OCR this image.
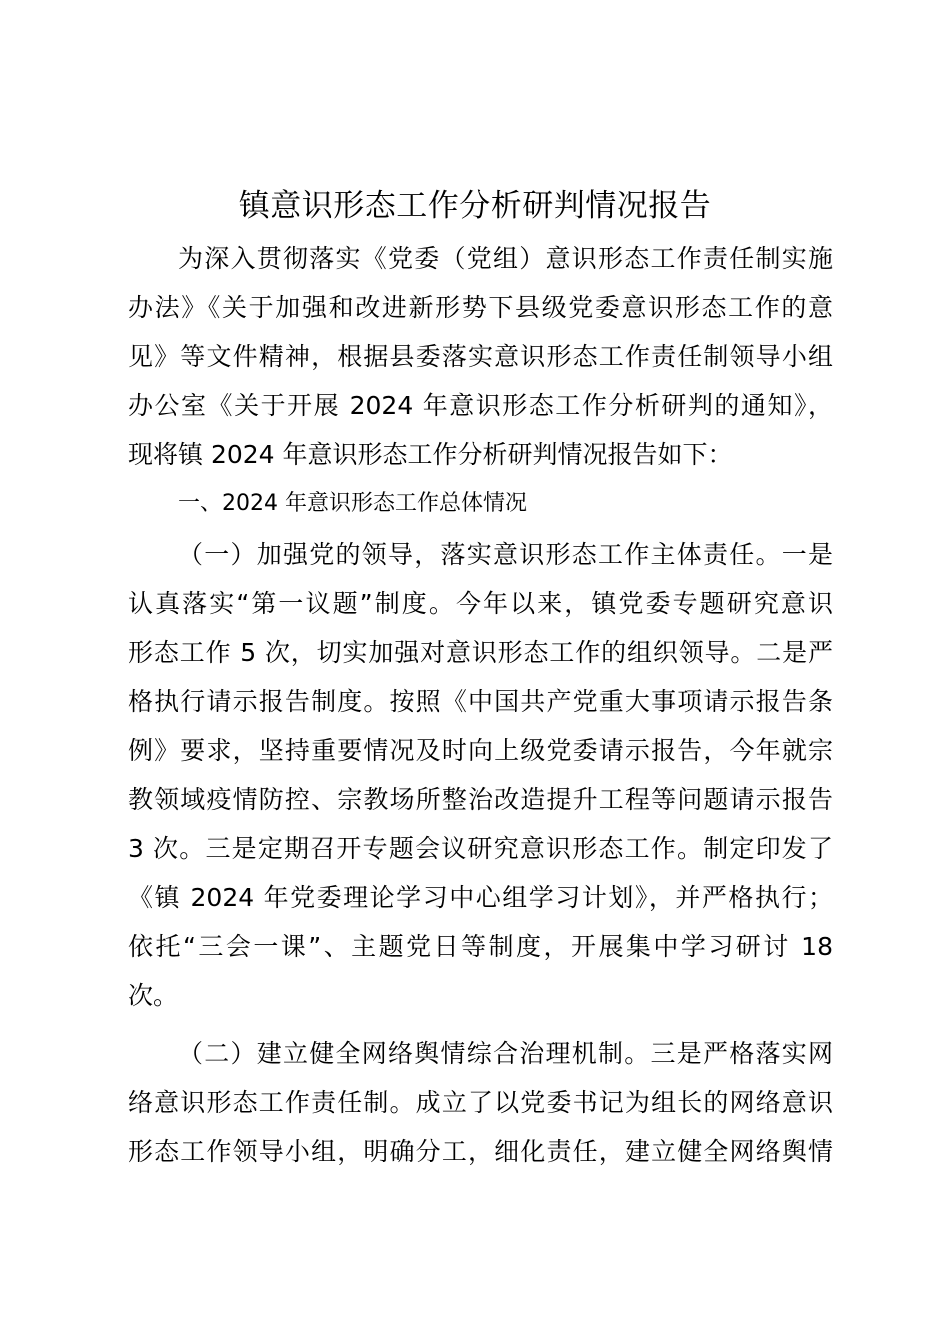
镇意识形态工作分析研判情况报告
为深入贯彻落实《党委（党组）意识形态工作责任制实施
办法》《关于加强和改进新形势下县级党委意识形态工作的意
见》等文件精神，根据县委落实意识形态工作责任制领导小组
办公室《关于开展 2024 年意识形态工作分析研判的通知》，
现将镇 2024 年意识形态工作分析研判情况报告如下：
一、2024 年意识形态工作总体情况
（一）加强党的领导，落实意识形态工作主体责任。一是
认真落实“第一议题”制度。今年以来，镇党委专题研究意识
形态工作 5 次，切实加强对意识形态工作的组织领导。二是严
格执行请示报告制度。按照《中国共产党重大事项请示报告条
例》要求，坚持重要情况及时向上级党委请示报告，今年就宗
教领域疫情防控、宗教场所整治改造提升工程等问题请示报告
3 次。三是定期召开专题会议研究意识形态工作。制定印发了
《镇 2024 年党委理论学习中心组学习计划》，并严格执行；
依托“三会一课”、主题党日等制度，开展集中学习研讨 18
次。
（二）建立健全网络舆情综合治理机制。三是严格落实网
络意识形态工作责任制。成立了以党委书记为组长的网络意识
形态工作领导小组，明确分工，细化责任，建立健全网络舆情
